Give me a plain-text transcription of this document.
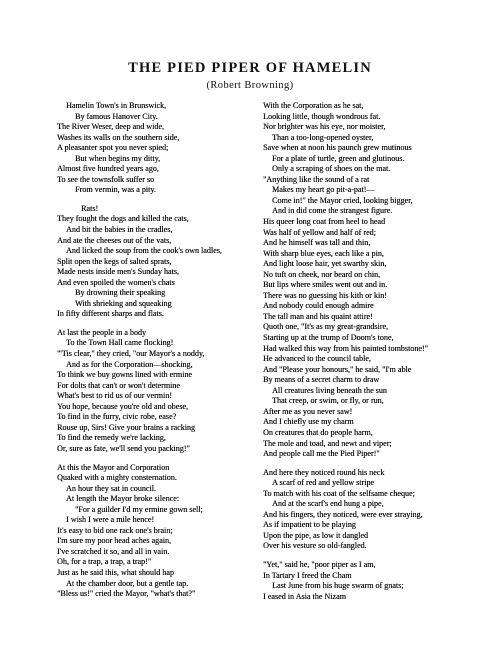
THE PIED PIPER OF HAMELIN
(Robert Browning)
Hamelin Town's in Brunswick,
By famous Hanover City.
The River Weser, deep and wide,
Washes its walls on the southern side,
A pleasanter spot you never spied;
But when begins my ditty,
Almost five hundred years ago,
To see the townsfolk suffer so
From vermin, was a pity.
Rats!
They fought the dogs and killed the cats,
And bit the babies in the cradles,
And ate the cheeses out of the vats,
And licked the soup from the cook's own ladles,
Split open the kegs of salted sprats,
Made nests inside men's Sunday hats,
And even spoiled the women's chats
By drowning their speaking
With shrieking and squeaking
In fifty different sharps and flats.
At last the people in a body
To the Town Hall came flocking!
"'Tis clear," they cried, "our Mayor's a noddy,
And as for the Corporation—shocking,
To think we buy gowns lined with ermine
For dolts that can't or won't determine
What's best to rid us of our vermin!
You hope, because you're old and obese,
To find in the furry, civic robe, ease?
Rouse up, Sirs! Give your brains a racking
To find the remedy we're lacking,
Or, sure as fate, we'll send you packing!"
At this the Mayor and Corporation
Quaked with a mighty consternation.
An hour they sat in council.
At length the Mayor broke silence:
"For a guilder I'd my ermine gown sell;
I wish I were a mile hence!
It's easy to bid one rack one's brain;
I'm sure my poor head aches again,
I've scratched it so, and all in vain.
Oh, for a trap, a trap, a trap!"
Just as he said this, what should hap
At the chamber door, but a gentle tap.
"Bless us!" cried the Mayor, "what's that?"
With the Corporation as he sat,
Looking little, though wondrous fat.
Nor brighter was his eye, nor moister,
Than a too-long-opened oyster,
Save when at noon his paunch grew mutinous
For a plate of turtle, green and glutinous.
Only a scraping of shoes on the mat.
"Anything like the sound of a rat
Makes my heart go pit-a-pat!—
Come in!" the Mayor cried, looking bigger,
And in did come the strangest figure.
His queer long coat from heel to head
Was half of yellow and half of red;
And he himself was tall and thin,
With sharp blue eyes, each like a pin,
And light loose hair, yet swarthy skin,
No tuft on cheek, nor beard on chin,
But lips where smiles went out and in.
There was no guessing his kith or kin!
And nobody could enough admire
The tall man and his quaint attire!
Quoth one, "It's as my great-grandsire,
Starting up at the trump of Doom's tone,
Had walked this way from his painted tombstone!"
He advanced to the council table,
And "Please your honours," he said, "I'm able
By means of a secret charm to draw
All creatures living beneath the sun
That creep, or swim, or fly, or run,
After me as you never saw!
And I chiefly use my charm
On creatures that do people harm,
The mole and toad, and newt and viper;
And people call me the Pied Piper!"
And here they noticed round his neck
A scarf of red and yellow stripe
To match with his coat of the selfsame cheque;
And at the scarf's end hung a pipe,
And his fingers, they noticed, were ever straying,
As if impatient to be playing
Upon the pipe, as low it dangled
Over his vesture so old-fangled.
"Yet," said he, "poor piper as I am,
In Tartary I freed the Cham
Last June from his huge swarm of gnats;
I eased in Asia the Nizam
